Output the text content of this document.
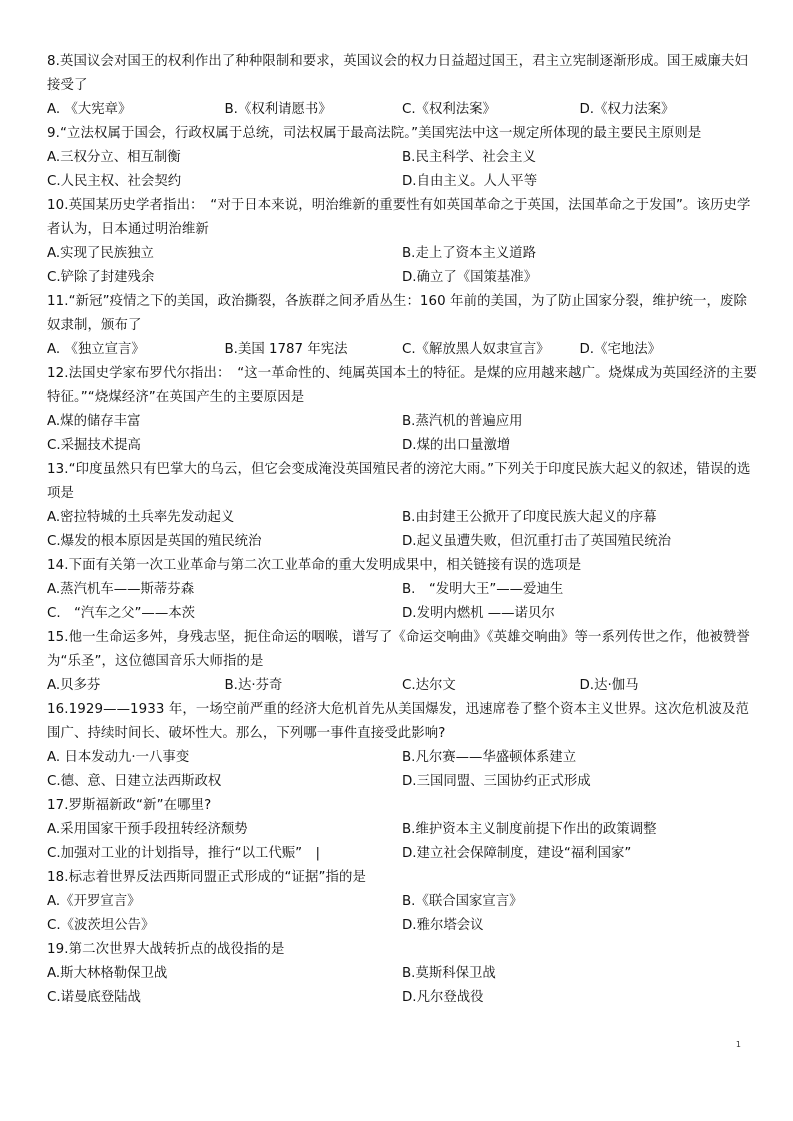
8.英国议会对国王的权利作出了种种限制和要求，英国议会的权力日益超过国王，君主立宪制逐渐形成。国王威廉夫妇接受了

A. 《大宪章》	B.《权利请愿书》	C.《权利法案》	D.《权力法案》

9.“立法权属于国会，行政权属于总统，司法权属于最高法院。”美国宪法中这一规定所体现的最主要民主原则是

A.三权分立、相互制衡	B.民主科学、社会主义
C.人民主权、社会契约	D.自由主义。人人平等

10.英国某历史学者指出：　“对于日本来说，明治维新的重要性有如英国革命之于英国，法国革命之于发国”。该历史学者认为，日本通过明治维新

A.实现了民族独立	B.走上了资本主义道路
C.铲除了封建残余	D.确立了《国策基准》

11.“新冠”疫情之下的美国，政治撕裂，各族群之间矛盾丛生：160 年前的美国，为了防止国家分裂，维护统一，废除奴隶制，颁布了

A. 《独立宣言》	B.美国 1787 年宪法	C.《解放黑人奴隶宣言》	D.《宅地法》

12.法国史学家布罗代尔指出：　“这一革命性的、纯属英国本土的特征。是煤的应用越来越广。烧煤成为英国经济的主要特征。”“烧煤经济”在英国产生的主要原因是

A.煤的储存丰富	B.蒸汽机的普遍应用
C.采掘技术提高	D.煤的出口量激增

13.“印度虽然只有巴掌大的乌云，但它会变成淹没英国殖民者的滂沱大雨。”下列关于印度民族大起义的叙述，错误的选项是

A.密拉特城的土兵率先发动起义	B.由封建王公掀开了印度民族大起义的序幕
C.爆发的根本原因是英国的殖民统治	D.起义虽遭失败，但沉重打击了英国殖民统治

14.下面有关第一次工业革命与第二次工业革命的重大发明成果中，相关链接有误的选项是

A.蒸汽机车——斯蒂芬森	B.　“发明大王”——爱迪生
C.　“汽车之父”——本茨	D.发明内燃机 ——诺贝尔

15.他一生命运多舛，身残志坚，扼住命运的咽喉，谱写了《命运交响曲》《英雄交响曲》等一系列传世之作，他被赞誉为“乐圣”，这位德国音乐大师指的是

A.贝多芬	B.达·芬奇	C.达尔文	D.达·伽马

16.1929——1933 年，一场空前严重的经济大危机首先从美国爆发，迅速席卷了整个资本主义世界。这次危机波及范围广、持续时间长、破坏性大。那么，下列哪一事件直接受此影响?

A. 日本发动九·一八事变	B.凡尔赛——华盛顿体系建立
C.德、意、日建立法西斯政权	D.三国同盟、三国协约正式形成

17.罗斯福新政“新”在哪里?

A.采用国家干预手段扭转经济颓势	B.维护资本主义制度前提下作出的政策调整
C.加强对工业的计划指导，推行“以工代赈”　|	D.建立社会保障制度，建设“福利国家”

18.标志着世界反法西斯同盟正式形成的“证据”指的是

A.《开罗宣言》	B.《联合国家宣言》
C.《波茨坦公告》	D.雅尔塔会议

19.第二次世界大战转折点的战役指的是

A.斯大林格勒保卫战	B.莫斯科保卫战
C.诺曼底登陆战	D.凡尔登战役
1
